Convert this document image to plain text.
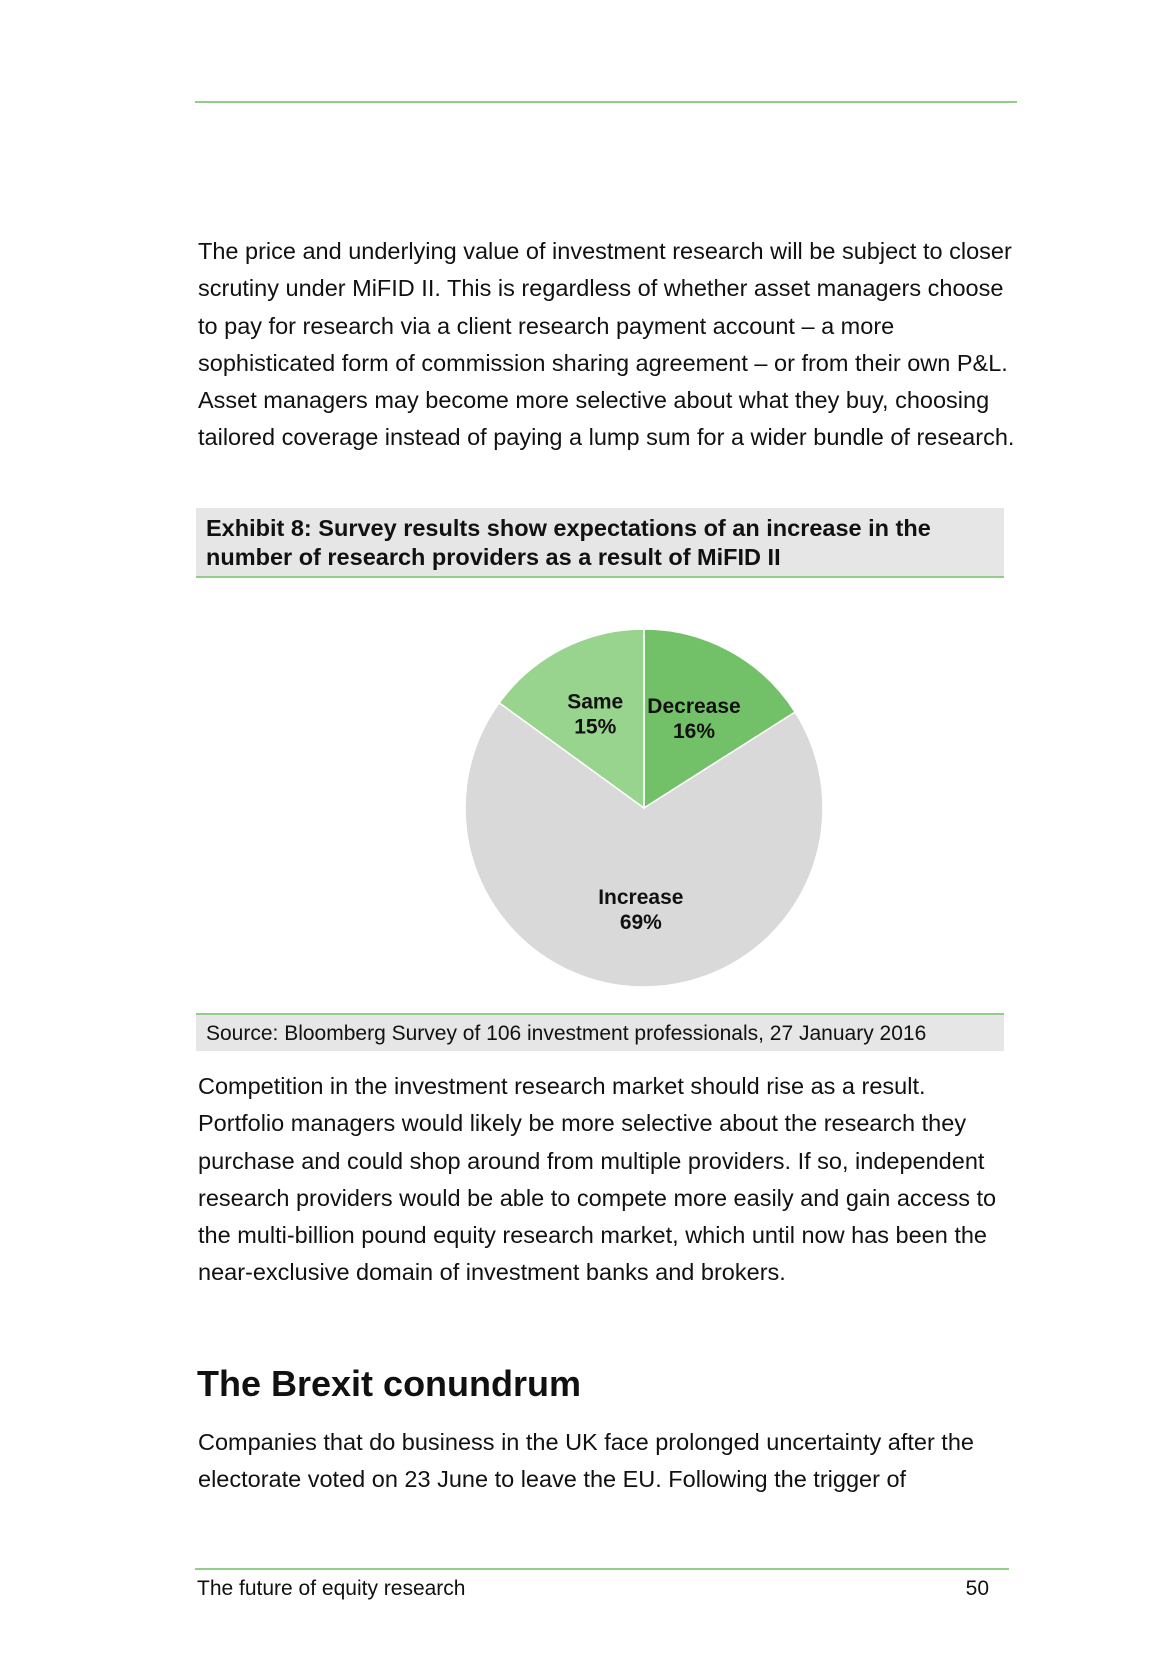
The price and underlying value of investment research will be subject to closer scrutiny under MiFID II. This is regardless of whether asset managers choose to pay for research via a client research payment account – a more sophisticated form of commission sharing agreement – or from their own P&L. Asset managers may become more selective about what they buy, choosing tailored coverage instead of paying a lump sum for a wider bundle of research.

Exhibit 8: Survey results show expectations of an increase in the number of research providers as a result of MiFID II
Decrease
16%
Increase
69%
Same
15%
Source: Bloomberg Survey of 106 investment professionals, 27 January 2016

Competition in the investment research market should rise as a result. Portfolio managers would likely be more selective about the research they purchase and could shop around from multiple providers. If so, independent research providers would be able to compete more easily and gain access to the multi-billion pound equity research market, which until now has been the near-exclusive domain of investment banks and brokers.

The Brexit conundrum

Companies that do business in the UK face prolonged uncertainty after the electorate voted on 23 June to leave the EU. Following the trigger of

The future of equity research	50
